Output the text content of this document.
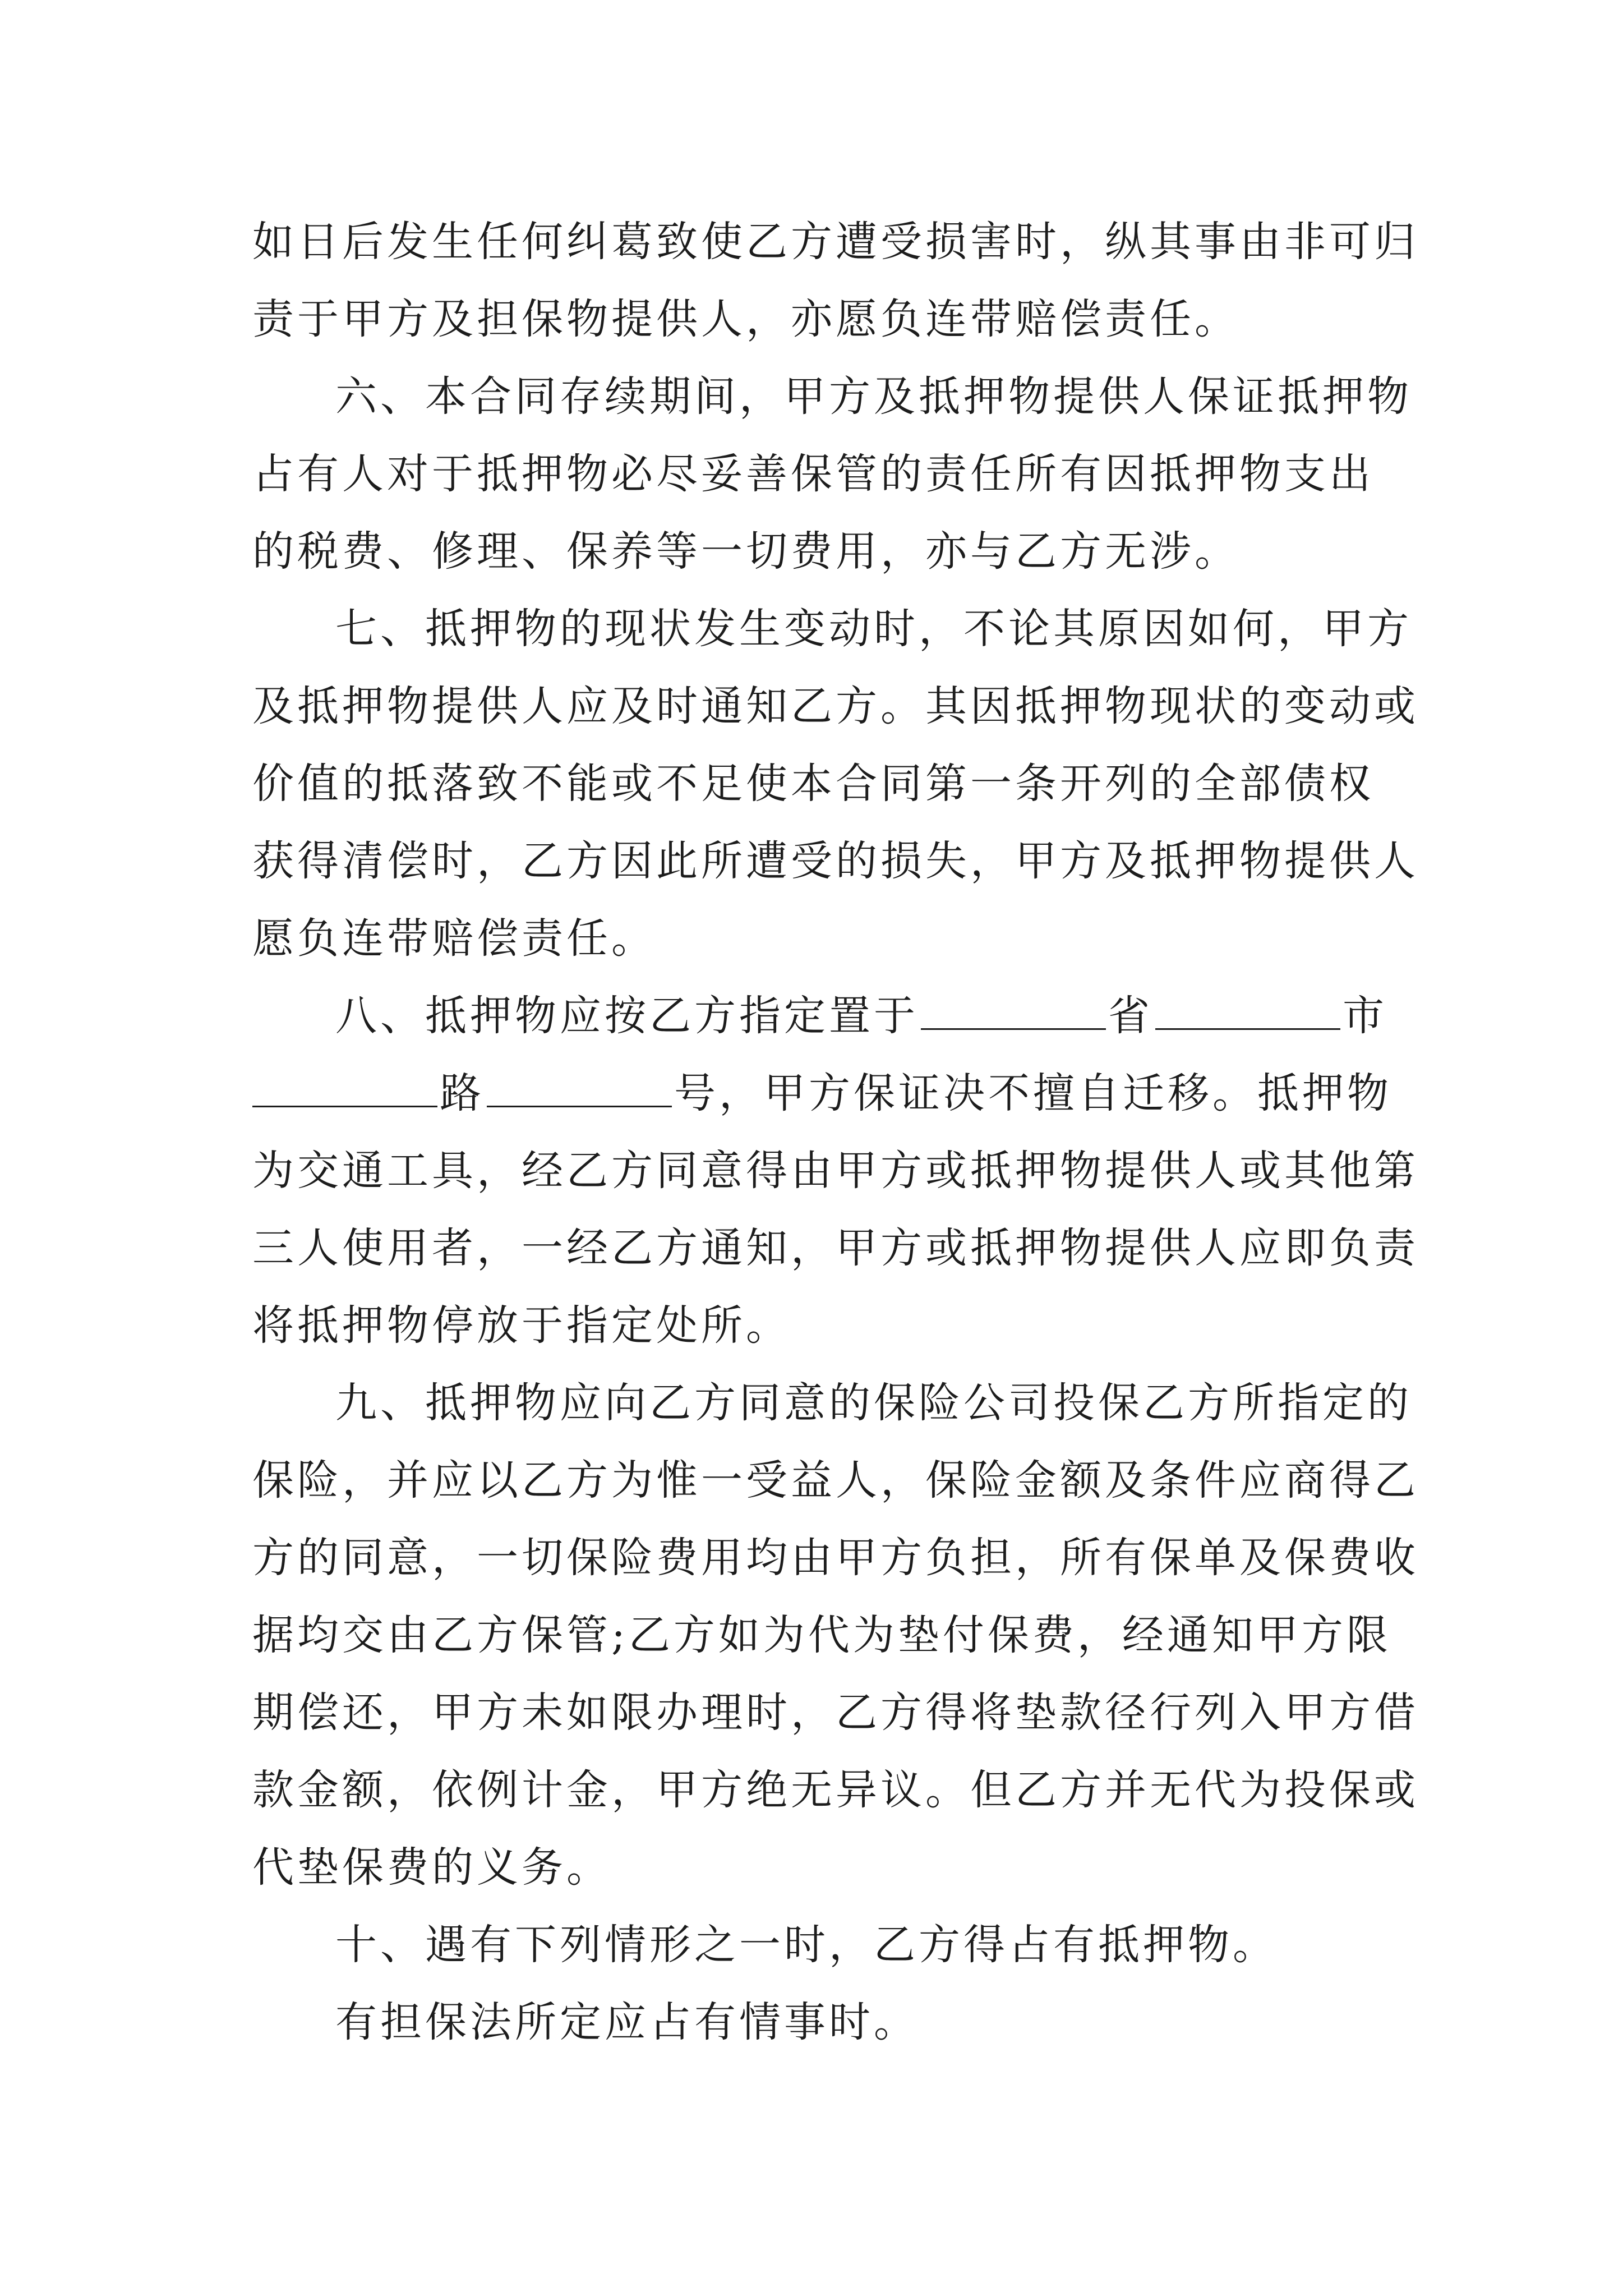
如日后发生任何纠葛致使乙方遭受损害时，纵其事由非可归
责于甲方及担保物提供人，亦愿负连带赔偿责任。
六、本合同存续期间，甲方及抵押物提供人保证抵押物
占有人对于抵押物必尽妥善保管的责任所有因抵押物支出
的税费、修理、保养等一切费用，亦与乙方无涉。
七、抵押物的现状发生变动时，不论其原因如何，甲方
及抵押物提供人应及时通知乙方。其因抵押物现状的变动或
价值的抵落致不能或不足使本合同第一条开列的全部债权
获得清偿时，乙方因此所遭受的损失，甲方及抵押物提供人
愿负连带赔偿责任。
八、抵押物应按乙方指定置于	省	市
路	号，甲方保证决不擅自迁移。抵押物
为交通工具，经乙方同意得由甲方或抵押物提供人或其他第
三人使用者，一经乙方通知，甲方或抵押物提供人应即负责
将抵押物停放于指定处所。
九、抵押物应向乙方同意的保险公司投保乙方所指定的
保险，并应以乙方为惟一受益人，保险金额及条件应商得乙
方的同意，一切保险费用均由甲方负担，所有保单及保费收
据均交由乙方保管;乙方如为代为垫付保费，经通知甲方限
期偿还，甲方未如限办理时，乙方得将垫款径行列入甲方借
款金额，依例计金，甲方绝无异议。但乙方并无代为投保或
代垫保费的义务。
十、遇有下列情形之一时，乙方得占有抵押物。
有担保法所定应占有情事时。
